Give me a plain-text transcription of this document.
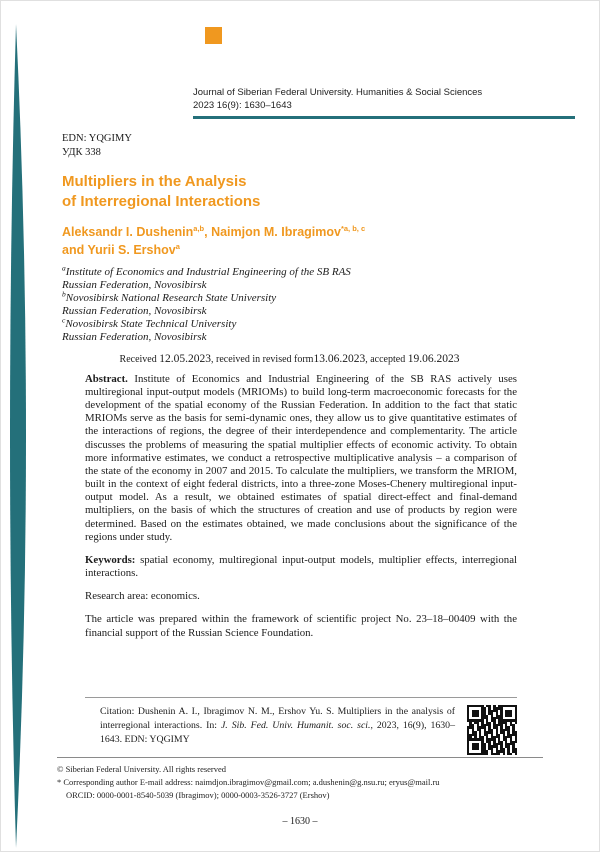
Journal of Siberian Federal University. Humanities & Social Sciences
2023 16(9): 1630–1643
EDN: YQGIMY
УДК 338
Multipliers in the Analysis
of Interregional Interactions
Aleksandr I. Dushenin$^{a,b}$, Naimjon M. Ibragimov$^{*a, b, c}$
and Yurii S. Ershov$^a$
$^a$Institute of Economics and Industrial Engineering of the SB RAS
Russian Federation, Novosibirsk
$^b$Novosibirsk National Research State University
Russian Federation, Novosibirsk
$^c$Novosibirsk State Technical University
Russian Federation, Novosibirsk
Received 12.05.2023, received in revised form13.06.2023, accepted 19.06.2023

Abstract. Institute of Economics and Industrial Engineering of the SB RAS actively uses multiregional input-output models (MRIOMs) to build long-term macroeconomic forecasts for the development of the spatial economy of the Russian Federation. In addition to the fact that static MRIOMs serve as the basis for semi-dynamic ones, they allow us to give quantitative estimates of the interactions of regions, the degree of their interdependence and complementarity. The article discusses the problems of measuring the spatial multiplier effects of economic activity. To obtain more informative estimates, we conduct a retrospective multiplicative analysis – a comparison of the state of the economy in 2007 and 2015. To calculate the multipliers, we transform the MRIOM, built in the context of eight federal districts, into a three-zone Moses-Chenery multiregional input-output model. As a result, we obtained estimates of spatial direct-effect and final-demand multipliers, on the basis of which the structures of creation and use of products by region were determined. Based on the estimates obtained, we made conclusions about the significance of the regions under study.

Keywords: spatial economy, multiregional input-output models, multiplier effects, interregional interactions.

Research area: economics.

The article was prepared within the framework of scientific project No. 23–18–00409 with the financial support of the Russian Science Foundation.

Citation: Dushenin A. I., Ibragimov N. M., Ershov Yu. S. Multipliers in the analysis of interregional interactions. In: J. Sib. Fed. Univ. Humanit. soc. sci., 2023, 16(9), 1630–1643. EDN: YQGIMY

© Siberian Federal University. All rights reserved
* Corresponding author E-mail address: naimdjon.ibragimov@gmail.com; a.dushenin@g.nsu.ru; eryus@mail.ru
ORCID: 0000-0001-8540-5039 (Ibragimov); 0000-0003-3526-3727 (Ershov)
– 1630 –
